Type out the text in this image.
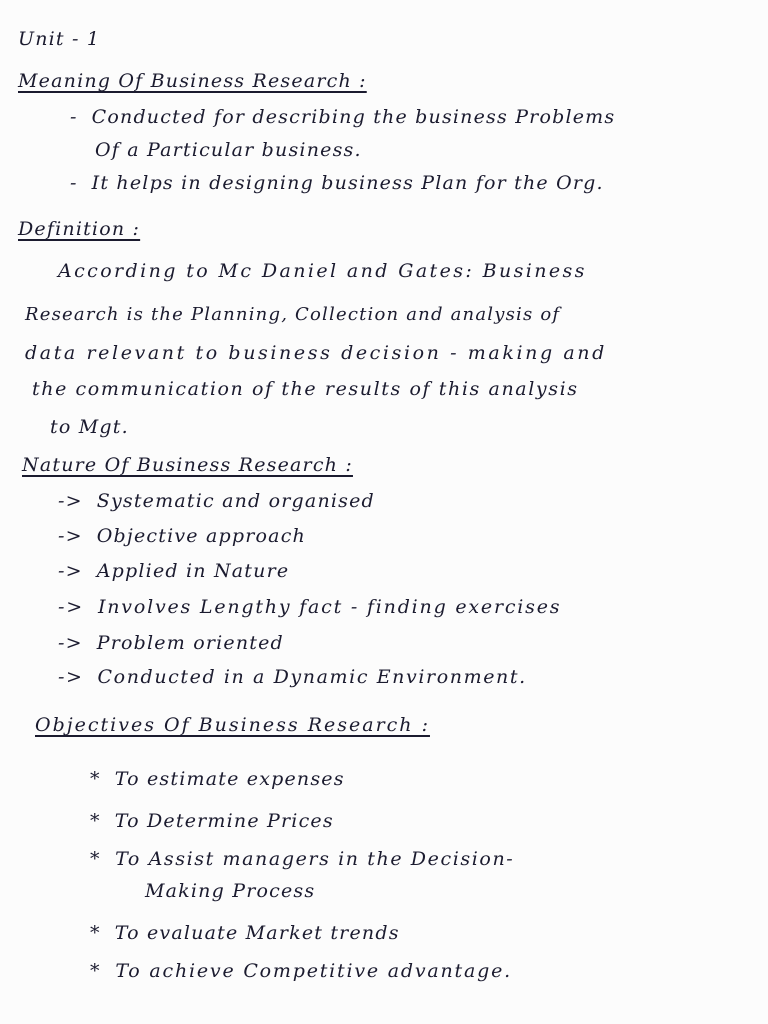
Unit - 1
Meaning Of Business Research :
- Conducted for describing the business Problems
Of a Particular business.
- It helps in designing business Plan for the Org.
Definition :
According to Mc Daniel and Gates: Business
Research is the Planning, Collection and analysis of
data relevant to business decision - making and
the communication of the results of this analysis
to Mgt.
Nature Of Business Research :
-> Systematic and organised
-> Objective approach
-> Applied in Nature
-> Involves Lengthy fact - finding exercises
-> Problem oriented
-> Conducted in a Dynamic Environment.
Objectives Of Business Research :
* To estimate expenses
* To Determine Prices
* To Assist managers in the Decision-
Making Process
* To evaluate Market trends
* To achieve Competitive advantage.
